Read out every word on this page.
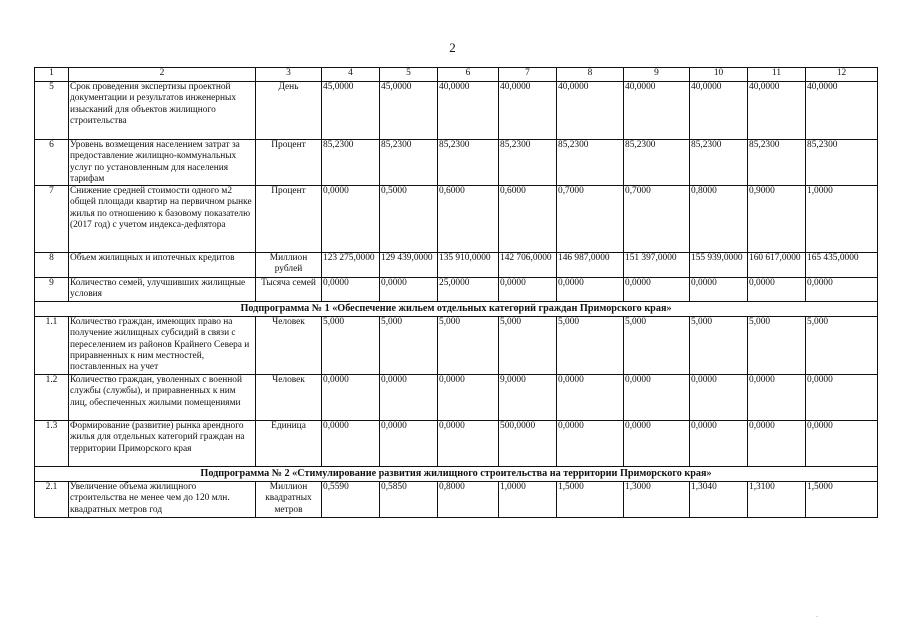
2
1	2	3	4	5	6	7	8	9	10	11	12
5	Срок проведения экспертизы проектной документации и результатов инженерных изысканий для объектов жилищного строительства	День	45,0000	45,0000	40,0000	40,0000	40,0000	40,0000	40,0000	40,0000	40,0000
6	Уровень возмещения населением затрат за предоставление жилищно-коммунальных услуг по установленным для населения тарифам	Процент	85,2300	85,2300	85,2300	85,2300	85,2300	85,2300	85,2300	85,2300	85,2300
7	Снижение средней стоимости одного м2 общей площади квартир на первичном рынке жилья по отношению к базовому показателю (2017 год) с учетом индекса-дефлятора	Процент	0,0000	0,5000	0,6000	0,6000	0,7000	0,7000	0,8000	0,9000	1,0000
8	Объем жилищных и ипотечных кредитов	Миллион рублей	123 275,0000	129 439,0000	135 910,0000	142 706,0000	146 987,0000	151 397,0000	155 939,0000	160 617,0000	165 435,0000
9	Количество семей, улучшивших жилищные условия	Тысяча семей	0,0000	0,0000	25,0000	0,0000	0,0000	0,0000	0,0000	0,0000	0,0000
Подпрограмма № 1 «Обеспечение жильем отдельных категорий граждан Приморского края»											
1.1	Количество граждан, имеющих право на получение жилищных субсидий в связи с переселением из районов Крайнего Севера и приравненных к ним местностей, поставленных на учет	Человек	5,000	5,000	5,000	5,000	5,000	5,000	5,000	5,000	5,000
1.2	Количество граждан, уволенных с военной службы (службы), и приравненных к ним лиц, обеспеченных жилыми помещениями	Человек	0,0000	0,0000	0,0000	9,0000	0,0000	0,0000	0,0000	0,0000	0,0000
1.3	Формирование (развитие) рынка арендного жилья для отдельных категорий граждан на территории Приморского края	Единица	0,0000	0,0000	0,0000	500,0000	0,0000	0,0000	0,0000	0,0000	0,0000
Подпрограмма № 2 «Стимулирование развития жилищного строительства на территории Приморского края»											
2.1	Увеличение объема жилищного строительства не менее чем до 120 млн. квадратных метров год	Миллион квадратных метров	0,5590	0,5850	0,8000	1,0000	1,5000	1,3000	1,3040	1,3100	1,5000
.
